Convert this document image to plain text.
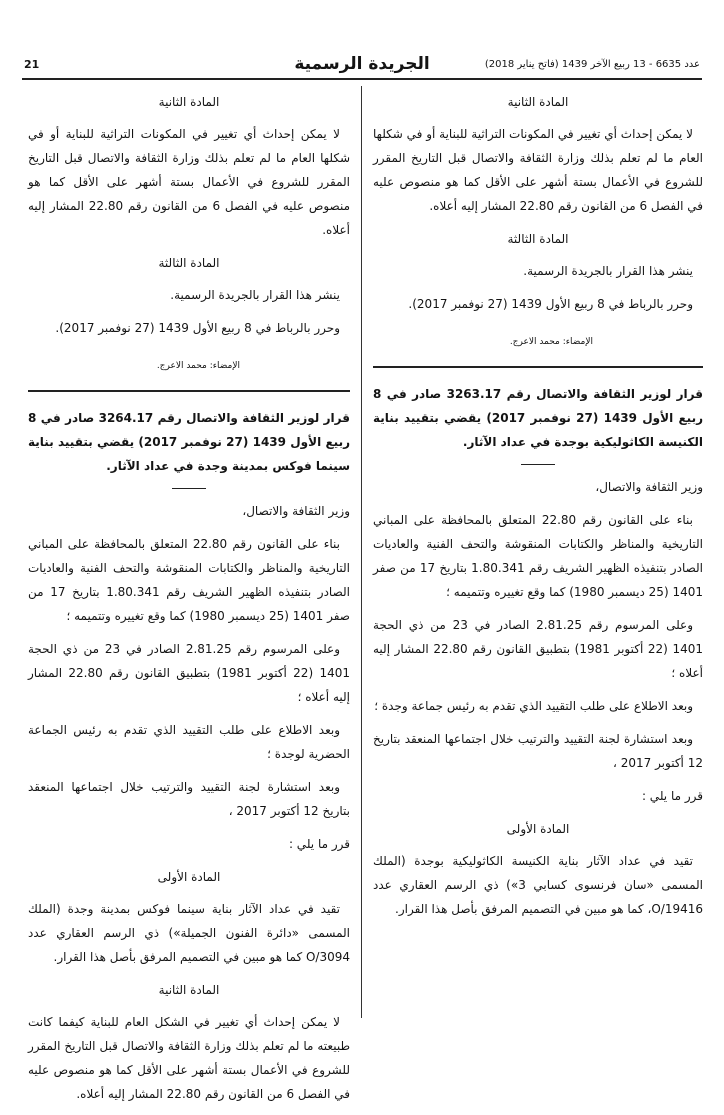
21	الجريدة الرسمية	عدد 6635 - 13 ربيع الآخر 1439 (فاتح يناير 2018)
المادة الثانية

لا يمكن إحداث أي تغيير في المكونات التراثية للبناية أو في شكلها العام ما لم تعلم بذلك وزارة الثقافة والاتصال قبل التاريخ المقرر للشروع في الأعمال بستة أشهر على الأقل كما هو منصوص عليه في الفصل 6 من القانون رقم 22.80 المشار إليه أعلاه.

المادة الثالثة

ينشر هذا القرار بالجريدة الرسمية.

وحرر بالرباط في 8 ربيع الأول 1439 (27 نوفمبر 2017).

الإمضاء: محمد الاعرج.

قرار لوزير الثقافة والاتصال رقم 3263.17 صادر في 8 ربيع الأول 1439 (27 نوفمبر 2017) يقضي بتقييد بناية الكنيسة الكاثوليكية بوجدة في عداد الآثار.

وزير الثقافة والاتصال،

بناء على القانون رقم 22.80 المتعلق بالمحافظة على المباني التاريخية والمناظر والكتابات المنقوشة والتحف الفنية والعاديات الصادر بتنفيذه الظهير الشريف رقم 1.80.341 بتاريخ 17 من صفر 1401 (25 ديسمبر 1980) كما وقع تغييره وتتميمه ؛

وعلى المرسوم رقم 2.81.25 الصادر في 23 من ذي الحجة 1401 (22 أكتوبر 1981) بتطبيق القانون رقم 22.80 المشار إليه أعلاه ؛

وبعد الاطلاع على طلب التقييد الذي تقدم به رئيس جماعة وجدة ؛

وبعد استشارة لجنة التقييد والترتيب خلال اجتماعها المنعقد بتاريخ 12 أكتوبر 2017 ،

قرر ما يلي :

المادة الأولى

تقيد في عداد الآثار بناية الكنيسة الكاثوليكية بوجدة (الملك المسمى «سان فرنسوى كسابي 3») ذي الرسم العقاري عدد O/19416، كما هو مبين في التصميم المرفق بأصل هذا القرار.

المادة الثانية

لا يمكن إحداث أي تغيير في المكونات التراثية للبناية أو في شكلها العام ما لم تعلم بذلك وزارة الثقافة والاتصال قبل التاريخ المقرر للشروع في الأعمال بستة أشهر على الأقل كما هو منصوص عليه في الفصل 6 من القانون رقم 22.80 المشار إليه أعلاه.

المادة الثالثة

ينشر هذا القرار بالجريدة الرسمية.

وحرر بالرباط في 8 ربيع الأول 1439 (27 نوفمبر 2017).

الإمضاء: محمد الاعرج.

قرار لوزير الثقافة والاتصال رقم 3264.17 صادر في 8 ربيع الأول 1439 (27 نوفمبر 2017) يقضي بتقييد بناية سينما فوكس بمدينة وجدة في عداد الآثار.

وزير الثقافة والاتصال،

بناء على القانون رقم 22.80 المتعلق بالمحافظة على المباني التاريخية والمناظر والكتابات المنقوشة والتحف الفنية والعاديات الصادر بتنفيذه الظهير الشريف رقم 1.80.341 بتاريخ 17 من صفر 1401 (25 ديسمبر 1980) كما وقع تغييره وتتميمه ؛

وعلى المرسوم رقم 2.81.25 الصادر في 23 من ذي الحجة 1401 (22 أكتوبر 1981) بتطبيق القانون رقم 22.80 المشار إليه أعلاه ؛

وبعد الاطلاع على طلب التقييد الذي تقدم به رئيس الجماعة الحضرية لوجدة ؛

وبعد استشارة لجنة التقييد والترتيب خلال اجتماعها المنعقد بتاريخ 12 أكتوبر 2017 ،

قرر ما يلي :

المادة الأولى

تقيد في عداد الآثار بناية سينما فوكس بمدينة وجدة (الملك المسمى «دائرة الفنون الجميلة») ذي الرسم العقاري عدد O/3094 كما هو مبين في التصميم المرفق بأصل هذا القرار.

المادة الثانية

لا يمكن إحداث أي تغيير في الشكل العام للبناية كيفما كانت طبيعته ما لم تعلم بذلك وزارة الثقافة والاتصال قبل التاريخ المقرر للشروع في الأعمال بستة أشهر على الأقل كما هو منصوص عليه في الفصل 6 من القانون رقم 22.80 المشار إليه أعلاه.
